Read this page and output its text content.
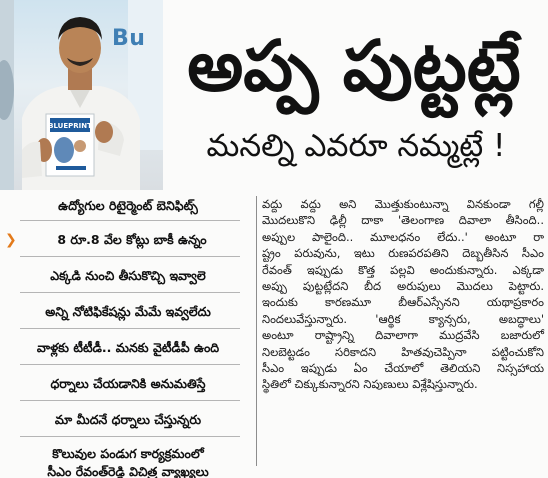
BLUEPRINT
Bu అప్ప పుట్టట్లే
మనల్ని ఎవరూ నమ్మట్లే !
ఉద్యోగుల రిటైర్మెంట్ బెనిఫిట్స్
❯	8 రూ.8 వేల కోట్లు బాకీ ఉన్నం
ఎక్కడి నుంచి తీసుకొచ్చి ఇవ్వాలె
అన్ని నోటిఫికేషన్లు మేమే ఇవ్వలేదు
వాళ్లకు టీటీడీ.. మనకు వైటీడీపీ ఉంది
ధర్నాలు చేయడానికి అనుమతిస్తే
మా మీదనే ధర్నాలు చేస్తున్నరు
కొలువుల పండుగ కార్యక్రమంలో
సీఎం రేవంత్‌రెడ్డి విచిత్ర వ్యాఖ్యలు
వద్దు వద్దు అని మొత్తుకుంటున్నా వినకుండా గల్లీ
మొదలుకొని ఢిల్లీ దాకా 'తెలంగాణ దివాలా తీసింది..
అప్పుల పాలైంది.. మూలధనం లేదు..' అంటూ రా
ష్ట్రం పరువును, ఇటు రుణపరపతిని దెబ్బతీసిన సీఎం
రేవంత్ ఇప్పుడు కొత్త పల్లవి అందుకున్నారు. ఎక్కడా
అప్పు పుట్టట్లేదని బీద అరుపులు మొదలు పెట్టారు.
ఇందుకు కారణమూ బీఆర్ఎస్సేనని యథాప్రకారం
నిందలువేస్తున్నారు. 'ఆర్థిక క్యాన్సరు, అబద్ధాలు'
అంటూ రాష్ట్రాన్ని దివాలాగా ముద్రవేసి బజారులో
నిలబెట్టడం సరికాదని హితవుచెప్పినా పట్టించుకోని
సీఎం ఇప్పుడు ఏం చేయాలో తెలియని నిస్సహాయ
స్థితిలో చిక్కుకున్నారని నిపుణులు విశ్లేషిస్తున్నారు.
